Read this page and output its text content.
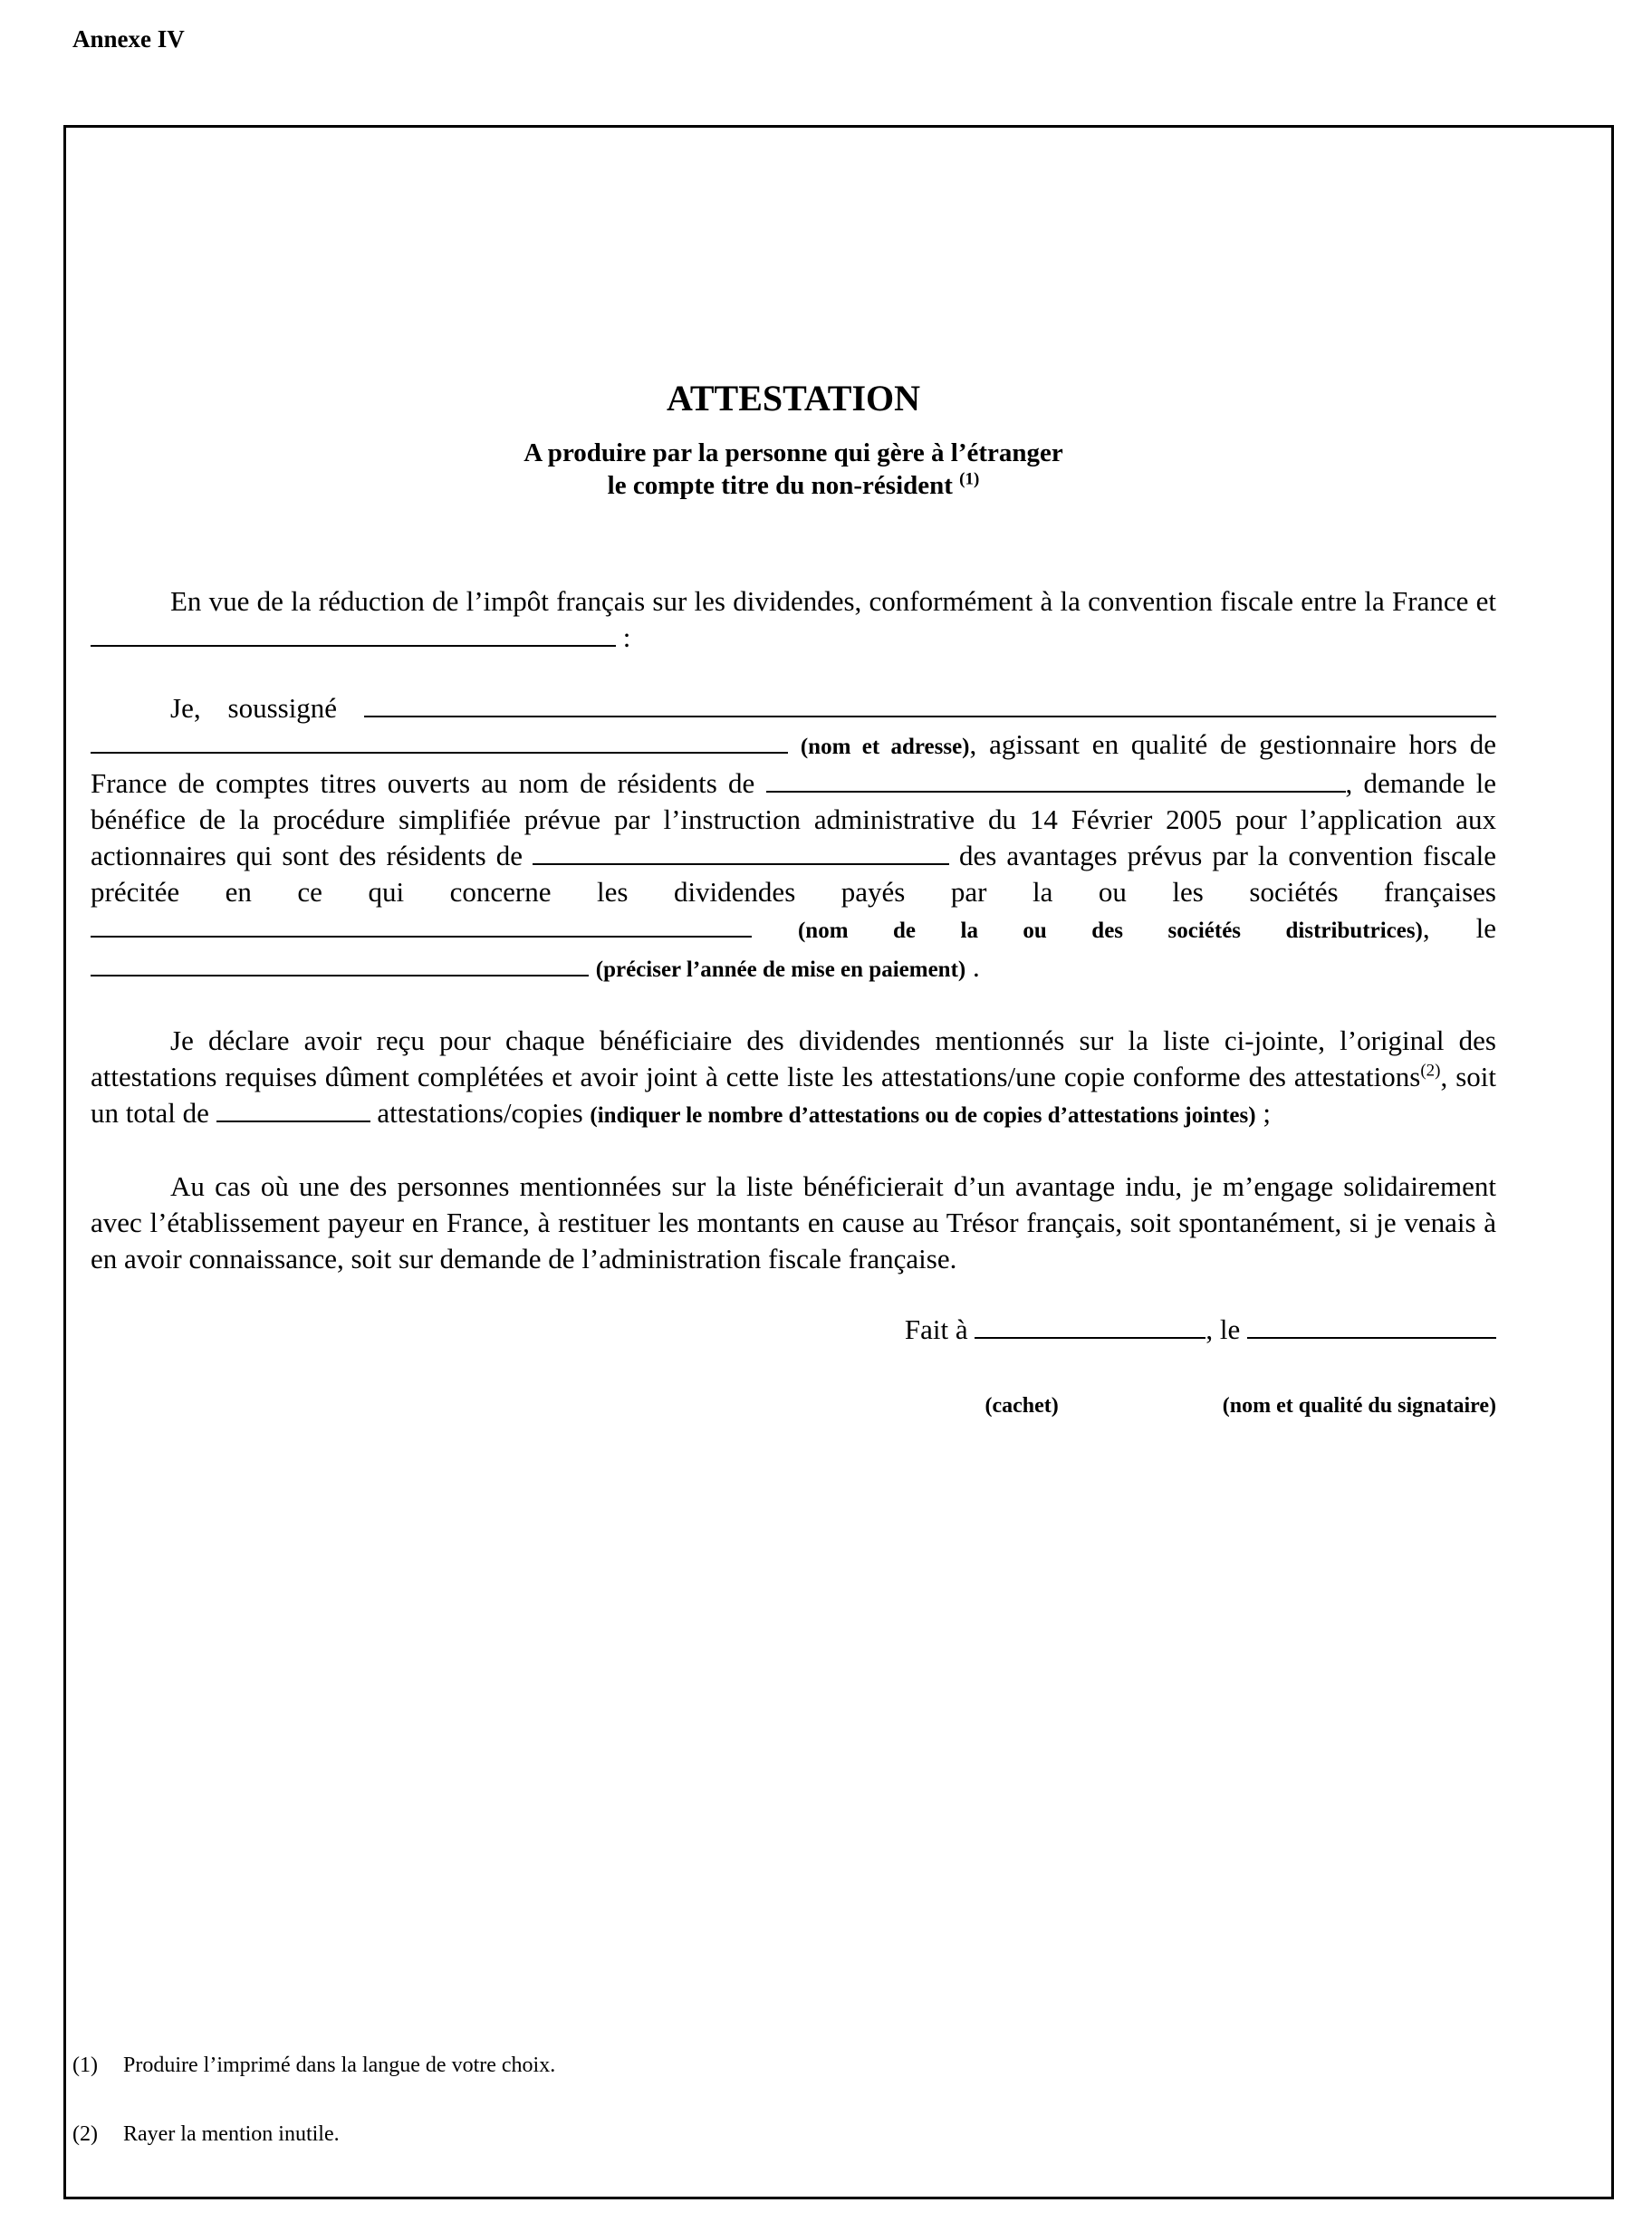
Annexe IV
ATTESTATION
A produire par la personne qui gère à l’étranger
le compte titre du non-résident $^{(1)}$

En vue de la réduction de l’impôt français sur les dividendes, conformément à la convention fiscale entre la France et  :

Je, soussigné   (nom et adresse), agissant en qualité de gestionnaire hors de France de comptes titres ouverts au nom de résidents de	, demande le bénéfice de la procédure simplifiée prévue par l’instruction administrative du 14 Février 2005 pour l’application aux actionnaires qui sont des résidents de	des avantages prévus par la convention fiscale précitée en ce qui concerne les dividendes payés par la ou les sociétés françaises  (nom de la ou des sociétés distributrices), le  (préciser l’année de mise en paiement) .

Je déclare avoir reçu pour chaque bénéficiaire des dividendes mentionnés sur la liste ci-jointe, l’original des attestations requises dûment complétées et avoir joint à cette liste les attestations/une copie conforme des attestations$^{(2)}$, soit un total de	attestations/copies (indiquer le nombre d’attestations ou de copies d’attestations jointes) ;

Au cas où une des personnes mentionnées sur la liste bénéficierait d’un avantage indu, je m’engage solidairement avec l’établissement payeur en France, à restituer les montants en cause au Trésor français, soit spontanément, si je venais à en avoir connaissance, soit sur demande de l’administration fiscale française.

Fait à	, le
(cachet)	(nom et qualité du signataire)
(1) Produire l’imprimé dans la langue de votre choix.
(2) Rayer la mention inutile.
